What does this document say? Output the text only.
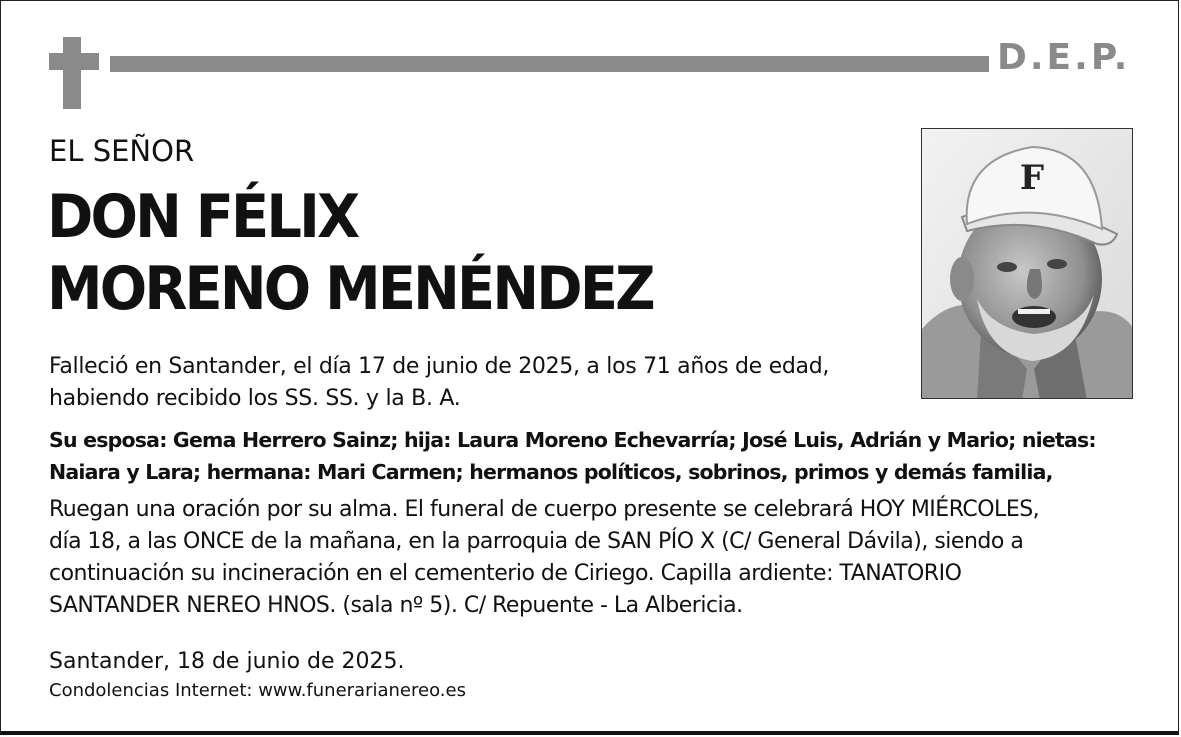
D.E.P.
EL SEÑOR
DON FÉLIX
MORENO MENÉNDEZ
F
Falleció en Santander, el día 17 de junio de 2025, a los 71 años de edad,
habiendo recibido los SS. SS. y la B. A.
Su esposa: Gema Herrero Sainz; hija: Laura Moreno Echevarría; José Luis, Adrián y Mario; nietas:
Naiara y Lara; hermana: Mari Carmen; hermanos políticos, sobrinos, primos y demás familia,
Ruegan una oración por su alma. El funeral de cuerpo presente se celebrará HOY MIÉRCOLES,
día 18, a las ONCE de la mañana, en la parroquia de SAN PÍO X (C/ General Dávila), siendo a
continuación su incineración en el cementerio de Ciriego. Capilla ardiente: TANATORIO
SANTANDER NEREO HNOS. (sala nº 5). C/ Repuente - La Albericia.
Santander, 18 de junio de 2025.
Condolencias Internet: www.funerarianereo.es
